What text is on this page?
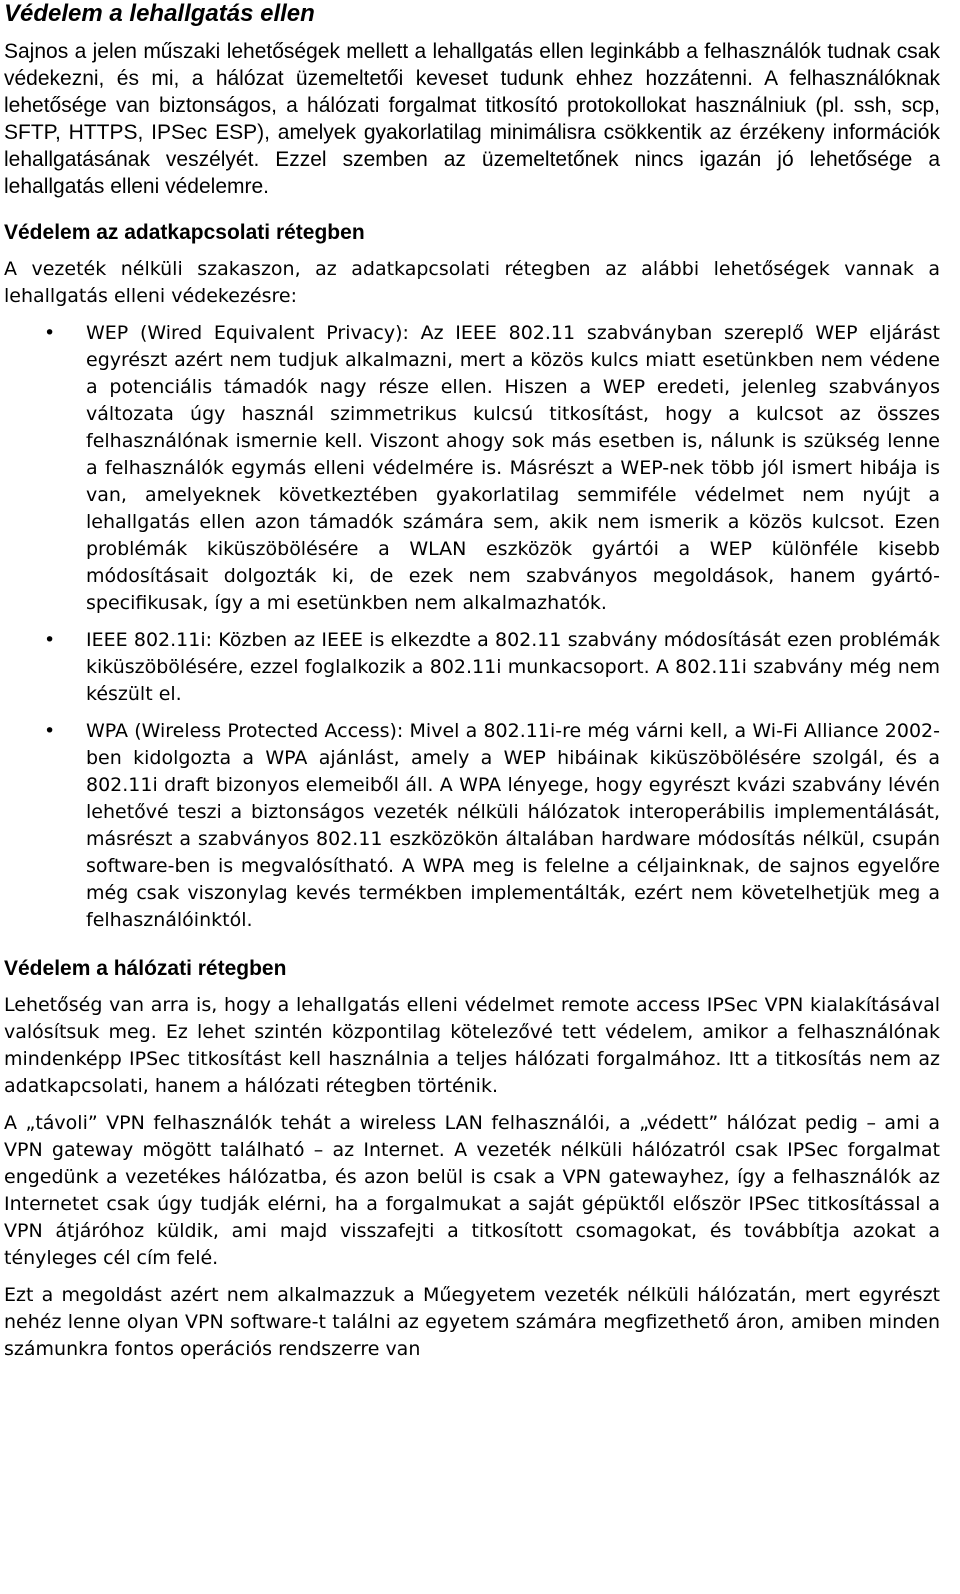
Védelem a lehallgatás ellen

Sajnos a jelen műszaki lehetőségek mellett a lehallgatás ellen leginkább a felhasználók tudnak csak védekezni, és mi, a hálózat üzemeltetői keveset tudunk ehhez hozzátenni. A felhasználóknak lehetősége van biztonságos, a hálózati forgalmat titkosító protokollokat használniuk (pl. ssh, scp, SFTP, HTTPS, IPSec ESP), amelyek gyakorlatilag minimálisra csökkentik az érzékeny információk lehallgatásának veszélyét. Ezzel szemben az üzemeltetőnek nincs igazán jó lehetősége a lehallgatás elleni védelemre.

Védelem az adatkapcsolati rétegben

A vezeték nélküli szakaszon, az adatkapcsolati rétegben az alábbi lehetőségek vannak a lehallgatás elleni védekezésre:

• WEP (Wired Equivalent Privacy): Az IEEE 802.11 szabványban szereplő WEP eljárást egyrészt azért nem tudjuk alkalmazni, mert a közös kulcs miatt esetünkben nem védene a potenciális támadók nagy része ellen. Hiszen a WEP eredeti, jelenleg szabványos változata úgy használ szimmetrikus kulcsú titkosítást, hogy a kulcsot az összes felhasználónak ismernie kell. Viszont ahogy sok más esetben is, nálunk is szükség lenne a felhasználók egymás elleni védelmére is. Másrészt a WEP-nek több jól ismert hibája is van, amelyeknek következtében gyakorlatilag semmiféle védelmet nem nyújt a lehallgatás ellen azon támadók számára sem, akik nem ismerik a közös kulcsot. Ezen problémák kiküszöbölésére a WLAN eszközök gyártói a WEP különféle kisebb módosításait dolgozták ki, de ezek nem szabványos megoldások, hanem gyártó-specifikusak, így a mi esetünkben nem alkalmazhatók.

• IEEE 802.11i: Közben az IEEE is elkezdte a 802.11 szabvány módosítását ezen problémák kiküszöbölésére, ezzel foglalkozik a 802.11i munkacsoport. A 802.11i szabvány még nem készült el.

• WPA (Wireless Protected Access): Mivel a 802.11i-re még várni kell, a Wi-Fi Alliance 2002-ben kidolgozta a WPA ajánlást, amely a WEP hibáinak kiküszöbölésére szolgál, és a 802.11i draft bizonyos elemeiből áll. A WPA lényege, hogy egyrészt kvázi szabvány lévén lehetővé teszi a biztonságos vezeték nélküli hálózatok interoperábilis implementálását, másrészt a szabványos 802.11 eszközökön általában hardware módosítás nélkül, csupán software-ben is megvalósítható. A WPA meg is felelne a céljainknak, de sajnos egyelőre még csak viszonylag kevés termékben implementálták, ezért nem követelhetjük meg a felhasználóinktól.

Védelem a hálózati rétegben

Lehetőség van arra is, hogy a lehallgatás elleni védelmet remote access IPSec VPN kialakításával valósítsuk meg. Ez lehet szintén központilag kötelezővé tett védelem, amikor a felhasználónak mindenképp IPSec titkosítást kell használnia a teljes hálózati forgalmához. Itt a titkosítás nem az adatkapcsolati, hanem a hálózati rétegben történik.

A „távoli” VPN felhasználók tehát a wireless LAN felhasználói, a „védett” hálózat pedig – ami a VPN gateway mögött található – az Internet. A vezeték nélküli hálózatról csak IPSec forgalmat engedünk a vezetékes hálózatba, és azon belül is csak a VPN gatewayhez, így a felhasználók az Internetet csak úgy tudják elérni, ha a forgalmukat a saját gépüktől először IPSec titkosítással a VPN átjáróhoz küldik, ami majd visszafejti a titkosított csomagokat, és továbbítja azokat a tényleges cél cím felé.

Ezt a megoldást azért nem alkalmazzuk a Műegyetem vezeték nélküli hálózatán, mert egyrészt nehéz lenne olyan VPN software-t találni az egyetem számára megfizethető áron, amiben minden számunkra fontos operációs rendszerre van
